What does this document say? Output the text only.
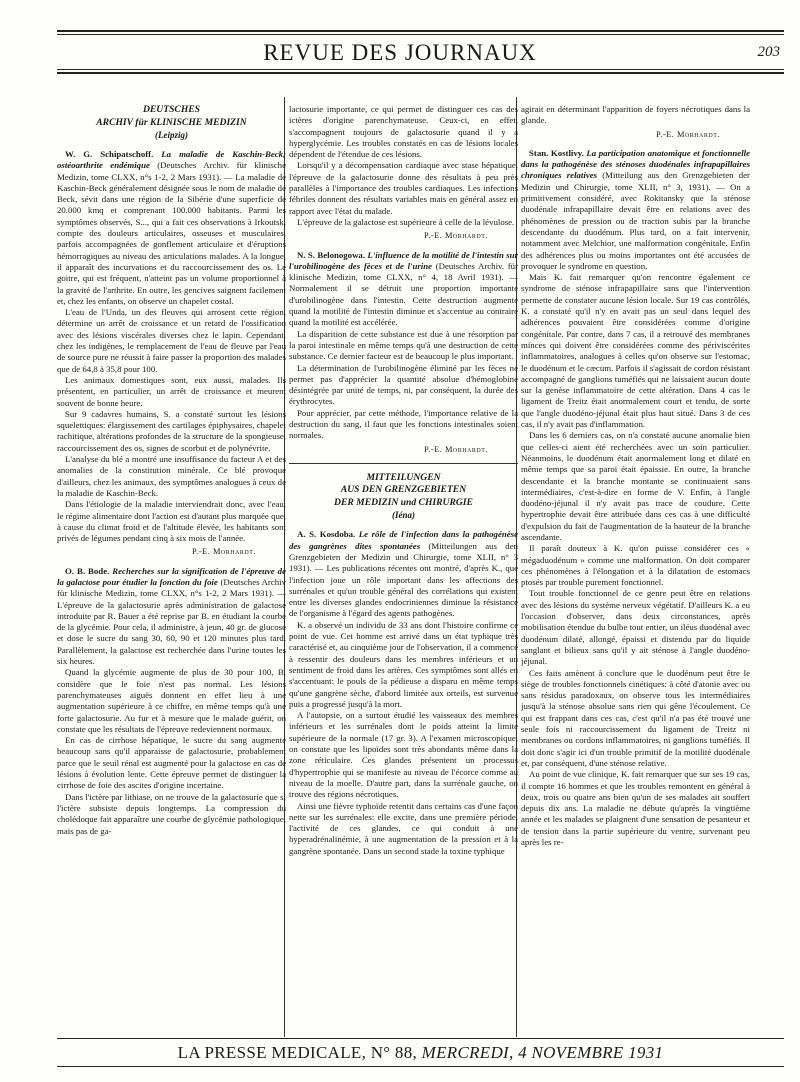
REVUE DES JOURNAUX	203
DEUTSCHES
ARCHIV für KLINISCHE MEDIZIN
(Leipzig)

W. G. Schipatschoff. La maladie de Kaschin-Beck; ostéoarthrite endémique (Deutsches Archiv. für klinische Medizin, tome CLXX, n°s 1-2, 2 Mars 1931). — La maladie de Kaschin-Beck généralement désignée sous le nom de maladie de Beck, sévit dans une région de la Sibérie d'une superficie de 20.000 kmq et comprenant 100.000 habitants. Parmi les symptômes observés, S..., qui a fait ces observations à Irkoutsk, compte des douleurs articulaires, osseuses et musculaires, parfois accompagnées de gonflement articulaire et d'éruptions hémorragiques au niveau des articulations malades. A la longue, il apparaît des incurvations et du raccourcissement des os. Le goitre, qui est fréquent, n'atteint pas un volume proportionnel à la gravité de l'arthrite. En outre, les gencives saignent facilement et, chez les enfants, on observe un chapelet costal.

L'eau de l'Unda, un des fleuves qui arrosent cette région, détermine un arrêt de croissance et un retard de l'ossification avec des lésions viscérales diverses chez le lapin. Cependant, chez les indigènes, le remplacement de l'eau de fleuve par l'eau de source pure ne réussit à faire passer la proportion des malades que de 64,8 à 35,8 pour 100.

Les animaux domestiques sont, eux aussi, malades. Ils présentent, en particulier, un arrêt de croissance et meurent souvent de bonne heure.

Sur 9 cadavres humains, S. a constaté surtout les lésions squelettiques: élargissement des cartilages épiphysaires, chapelet rachitique, altérations profondes de la structure de la spongieuse, raccourcissement des os, signes de scorbut et de polynévrite.

L'analyse du blé a montré une insuffisance du facteur A et des anomalies de la constitution minérale. Ce blé provoque d'ailleurs, chez les animaux, des symptômes analogues à ceux de la maladie de Kaschin-Beck.

Dans l'étiologie de la maladie interviendrait donc, avec l'eau, le régime alimentaire dont l'action est d'autant plus marquée que, à cause du climat froid et de l'altitude élevée, les habitants sont privés de légumes pendant cinq à six mois de l'année.

P.-E. Morhardt.

O. B. Bode. Recherches sur la signification de l'épreuve de la galactose pour étudier la fonction du foie (Deutsches Archiv für klinische Medizin, tome CLXX, n°s 1-2, 2 Mars 1931). — L'épreuve de la galactosurie après administration de galactose introduite par R. Bauer a été reprise par B. en étudiant la courbe de la glycémie. Pour cela, il administre, à jeun, 40 gr. de glucose et dose le sucre du sang 30, 60, 90 et 120 minutes plus tard. Parallèlement, la galactose est recherchée dans l'urine toutes les six heures.

Quand la glycémie augmente de plus de 30 pour 100, B. considère que le foie n'est pas normal. Les lésions parenchymateuses aiguës donnent en effet lieu à une augmentation supérieure à ce chiffre, en même temps qu'à une forte galactosurie. Au fur et à mesure que le malade guérit, on constate que les résultats de l'épreuve redeviennent normaux.

En cas de cirrhose hépatique, le sucre du sang augmente beaucoup sans qu'il apparaisse de galactosurie, probablement parce que le seuil rénal est augmenté pour la galactose en cas de lésions à évolution lente. Cette épreuve permet de distinguer la cirrhose de foie des ascites d'origine incertaine.

Dans l'ictère par lithiase, on ne trouve de la galactosurie que si l'ictère subsiste depuis longtemps. La compression du cholédoque fait apparaître une courbe de glycémie pathologique, mais pas de ga-

lactosurie importante, ce qui permet de distinguer ces cas des ictères d'origine parenchymateuse. Ceux-ci, en effet, s'accompagnent toujours de galactosurie quand il y a hyperglycémie. Les troubles constatés en cas de lésions locales dépendent de l'étendue de ces lésions.

Lorsqu'il y a décompensation cardiaque avec stase hépatique, l'épreuve de la galactosurie donne des résultats à peu près parallèles à l'importance des troubles cardiaques. Les infections fébriles donnent des résultats variables mais en général assez en rapport avec l'état du malade.

L'épreuve de la galactose est supérieure à celle de la lévulose.

P.-E. Morhardt.

N. S. Belonogowa. L'influence de la motilité de l'intestin sur l'urobilinogène des fèces et de l'urine (Deutsches Archiv. für klinische Medizin, tome CLXX, n° 4, 18 Avril 1931). — Normalement il se détruit une proportion importante d'urobilinogène dans l'intestin. Cette destruction augmente quand la motilité de l'intestin diminue et s'accentue au contraire quand la motilité est accélérée.

La disparition de cette substance est due à une résorption par la paroi intestinale en même temps qu'à une destruction de cette substance. Ce dernier facteur est de beaucoup le plus important.

La détermination de l'urobilinogène éliminé par les fèces ne permet pas d'apprécier la quantité absolue d'hémoglobine désintégrée par unité de temps, ni, par conséquent, la durée des érythrocytes.

Pour apprécier, par cette méthode, l'importance relative de la destruction du sang, il faut que les fonctions intestinales soient normales.

P.-E. Morhardt.
MITTEILUNGEN
AUS DEN GRENZGEBIETEN
DER MEDIZIN und CHIRURGIE
(Iéna)

A. S. Kosdoba. Le rôle de l'infection dans la pathogénèse des gangrènes dites spontanées (Mitteilungen aus den Grenzgebieten der Medizin und Chirurgie, tome XLII, n° 3 1931). — Les publications récentes ont montré, d'après K., que l'infection joue un rôle important dans les affections des surrénales et qu'un trouble général des corrélations qui existent entre les diverses glandes endocriniennes diminue la résistance de l'organisme à l'égard des agents pathogènes.

K. a observé un individu de 33 ans dont l'histoire confirme ce point de vue. Cet homme est arrivé dans un état typhique très caractérisé et, au cinquième jour de l'observation, il a commencé à ressentir des douleurs dans les membres inférieurs et un sentiment de froid dans les artères. Ces symptômes sont allés en s'accentuant: le pouls de la pédieuse a disparu en même temps qu'une gangrène sèche, d'abord limitée aux orteils, est survenue puis a progressé jusqu'à la mort.

A l'autopsie, on a surtout étudié les vaisseaux des membres inférieurs et les surrénales dont le poids atteint la limite supérieure de la normale (17 gr. 3). A l'examen microscopique, on constate que les lipoïdes sont très abondants même dans la zone réticulaire. Ces glandes présentent un processus d'hypertrophie qui se manifeste au niveau de l'écorce comme au niveau de la moelle. D'autre part, dans la surrénale gauche, on trouve des régions nécrotiques.

Ainsi une fièvre typhoïde retentit dans certains cas d'une façon nette sur les surrénales: elle excite, dans une première période, l'activité de ces glandes, ce qui conduit à une hyperadrénalinémie, à une augmentation de la pression et à la gangrène spontanée. Dans un second stade la toxine typhique

agirait en déterminant l'apparition de foyers nécrotiques dans la glande.

P.-E. Morhardt.

Stan. Kostlivy. La participation anatomique et fonctionnelle dans la pathogénèse des sténoses duodénales infrapapillaires chroniques relatives (Mitteilung aus den Grenzgebieten der Medizin und Chirurgie, tome XLII, n° 3, 1931). — On a primitivement considéré, avec Rokitansky que la sténose duodénale infrapapillaire devait être en relations avec des phénomènes de pression ou de traction subis par la branche descendante du duodénum. Plus tard, on a fait intervenir, notamment avec Melchior, une malformation congénitale. Enfin des adhérences plus ou moins importantes ont été accusées de provoquer le syndrome en question.

Mais K. fait remarquer qu'on rencontre également ce syndrome de sténose infrapapillaire sans que l'intervention permette de constater aucune lésion locale. Sur 19 cas contrôlés, K. a constaté qu'il n'y en avait pas un seul dans lequel des adhérences pouvaient être considérées comme d'origine congénitale. Par contre, dans 7 cas, il a retrouvé des membranes minces qui doivent être considérées comme des périviscérites inflammatoires, analogues à celles qu'on observe sur l'estomac, le duodénum et le cæcum. Parfois il s'agissait de cordon résistant accompagné de ganglions tuméfiés qui ne laissaient aucun doute sur la genèse inflammatoire de cette altération. Dans 4 cas le ligament de Treitz était anormalement court et tendu, de sorte que l'angle duodéno-jéjunal était plus haut situé. Dans 3 de ces cas, il n'y avait pas d'inflammation.

Dans les 6 derniers cas, on n'a constaté aucune anomalie bien que celles-ci aient été recherchées avec un soin particulier. Néanmoins, le duodénum était anormalement long et dilaté en même temps que sa paroi était épaissie. En outre, la branche descendante et la branche montante se continuaient sans intermédiaires, c'est-à-dire en forme de V. Enfin, à l'angle duodéno-jéjunal il n'y avait pas trace de coudure. Cette hypertrophie devait être attribuée dans ces cas à une difficulté d'expulsion du fait de l'augmentation de la hauteur de la branche ascendante.

Il paraît douteux à K. qu'on puisse considérer ces « mégaduodénum » comme une malformation. On doit comparer ces phénomènes à l'élongation et à la dilatation de estomacs ptosés par trouble purement fonctionnel.

Tout trouble fonctionnel de ce genre peut être en relations avec des lésions du système nerveux végétatif. D'ailleurs K. a eu l'occasion d'observer, dans deux circonstances, après mobilisation étendue du bulbe tout entier, un iléus duodénal avec duodénum dilaté, allongé, épaissi et distendu par du liquide sanglant et bilieux sans qu'il y ait sténose à l'angle duodéno-jéjunal.

Ces faits amènent à conclure que le duodénum peut être le siège de troubles fonctionnels cinétiques: à côté d'atonie avec ou sans résidus paradoxaux, on observe tous les intermédiaires jusqu'à la sténose absolue sans rien qui gêne l'écoulement. Ce qui est frappant dans ces cas, c'est qu'il n'a pas été trouvé une seule fois ni raccourcissement du ligament de Treitz ni membranes ou cordons inflammatoires, ni ganglions tuméfiés. Il doit donc s'agir ici d'un trouble primitif de la motilité duodénale et, par conséquent, d'une sténose relative.

Au point de vue clinique, K. fait remarquer que sur ses 19 cas, il compte 16 hommes et que les troubles remontent en général à deux, trois ou quatre ans bien qu'un de ses malades ait souffert depuis dix ans. La maladie ne débute qu'après la vingtième année et les malades se plaignent d'une sensation de pesanteur et de tension dans la partie supérieure du ventre, survenant peu après les re-

LA PRESSE MEDICALE, N° 88, MERCREDI, 4 NOVEMBRE 1931
